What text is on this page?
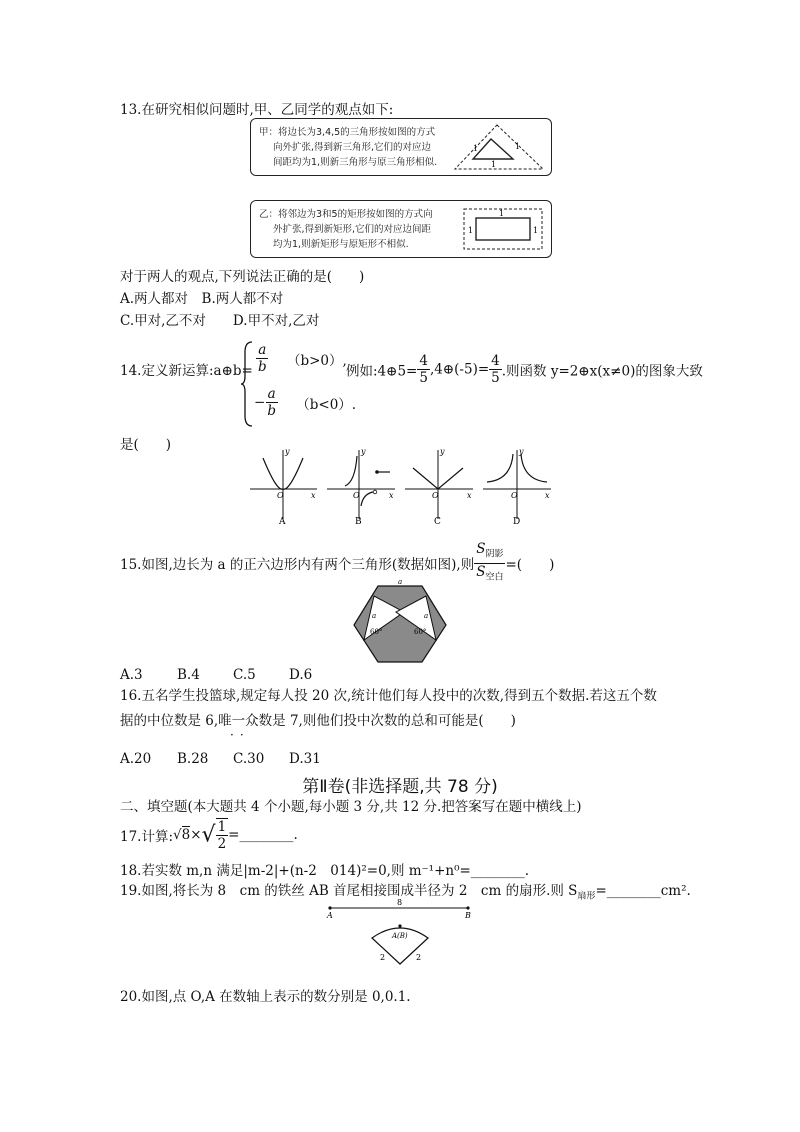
13.在研究相似问题时,甲、乙同学的观点如下:
甲：将边长为3,4,5的三角形按如图的方式
向外扩张,得到新三角形,它们的对应边
间距均为1,则新三角形与原三角形相似.
1	1
1
乙：将邻边为3和5的矩形按如图的方式向
外扩张,得到新矩形,它们的对应边间距
均为1,则新矩形与原矩形不相似.
1
1	1
对于两人的观点,下列说法正确的是(　　)
A.两人都对　B.两人都不对
C.甲对,乙不对　　D.甲不对,乙对
14.定义新运算:a⊕b= $\frac{a}{b} (b>0)$,
− $\frac{a}{b} (b<0)$.
例如:4⊕5= $\frac{4}{5}$ ,4⊕(-5)= $\frac{4}{5}$ .则函数 y=2⊕x(x≠0)的图象大致
是(　　)	y
x
O
A
y
x
O
B
y
x
O
C
y
x
O
D
15.如图,边长为 a 的正六边形内有两个三角形(数据如图),则 $\frac{S_{阴影}}{S_{空白}}$ =(　　)
a
a	a
60°	60°
A.3	B.4 C.5 D.6
16.五名学生投篮球,规定每人投 20 次,统计他们每人投中的次数,得到五个数据.若这五个数
据的中位数是 6,唯一众数是 7,则他们投中次数的总和可能是(　　)
··
A.20 B.28 C.30 D.31
第Ⅱ卷(非选择题,共 78 分)
二、填空题(本大题共 4 个小题,每小题 3 分,共 12 分.把答案写在题中横线上)
17.计算:√8×√ $\frac{1}{2}$ =________.
18.若实数 m,n 满足|m-2|+(n-2　014)²=0,则 m⁻¹+n⁰=________.
19.如图,将长为 8　cm 的铁丝 AB 首尾相接围成半径为 2　cm 的扇形.则 $S_{扇形}=\_\_\_\_\_\_\_\_cm^2$.
8
A	B
A(B)
2	2
20.如图,点 O,A 在数轴上表示的数分别是 0,0.1.
